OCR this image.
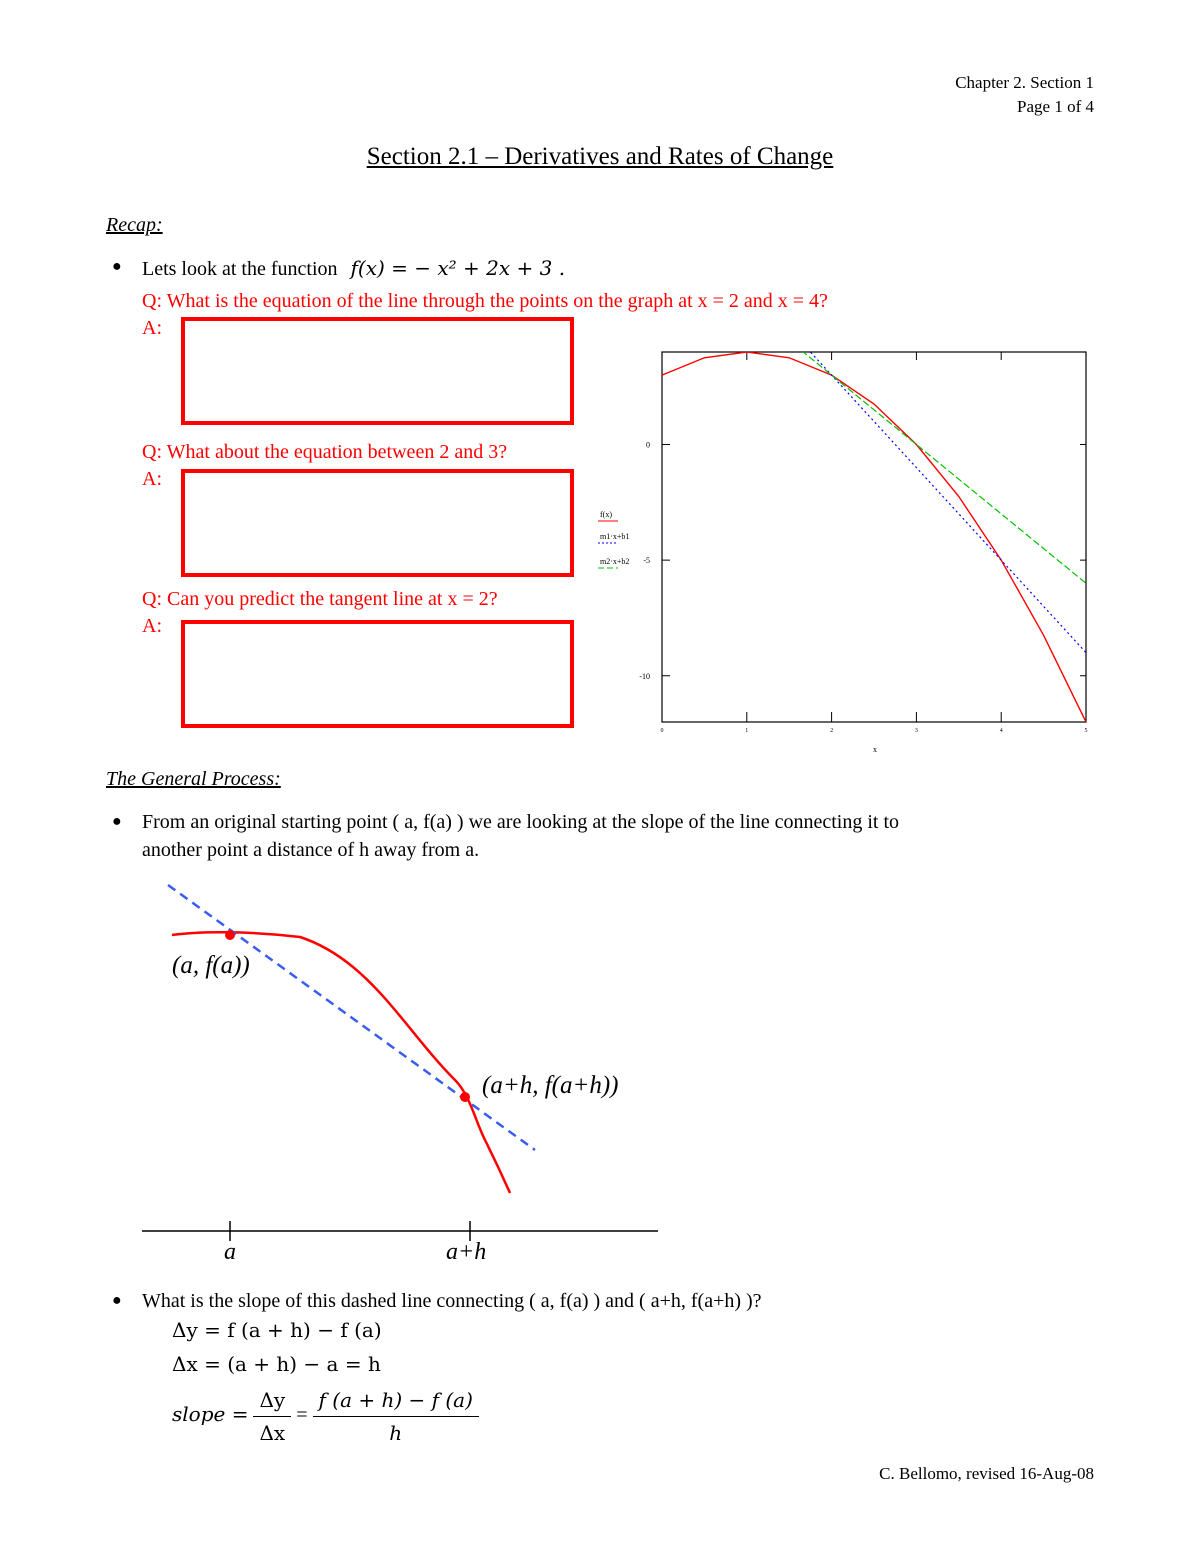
Chapter 2. Section 1
Page 1 of 4
Section 2.1 – Derivatives and Rates of Change
Recap:
● Lets look at the function f(x) = − x² + 2x + 3 .
Q: What is the equation of the line through the points on the graph at x = 2 and x = 4?
A:
Q: What about the equation between 2 and 3?
A:
Q: Can you predict the tangent line at x = 2?
A:
0
-5
-10
0	1	2	3	4	5
f(x)
m1·x+b1
m2·x+b2
x
The General Process:
● From an original starting point ( a, f(a) ) we are looking at the slope of the line connecting it to
another point a distance of h away from a.
(a, f(a))
(a+h, f(a+h))
a	a+h
● What is the slope of this dashed line connecting ( a, f(a) ) and ( a+h, f(a+h) )?
Δy = f (a + h) − f (a)
Δx = (a + h) − a = h
slope = $\frac{\Delta y}{\Delta x} = \frac{f (a + h) - f (a)}{h}$
C. Bellomo, revised 16-Aug-08
